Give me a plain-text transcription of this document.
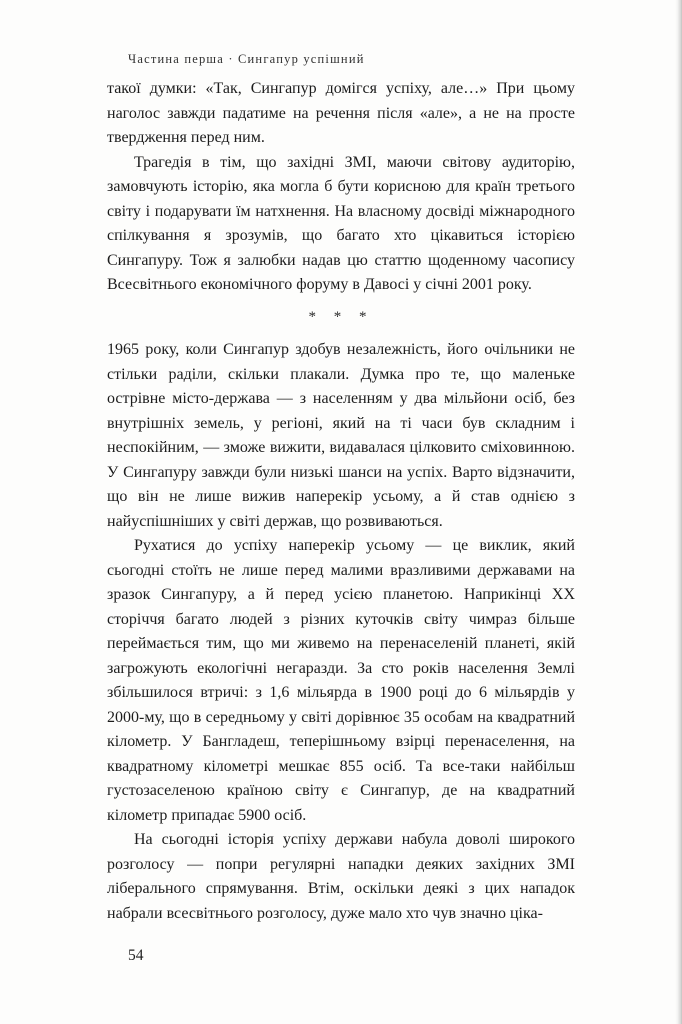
Частина перша · Сингапур успішний

такої думки: «Так, Сингапур домігся успіху, але…» При цьому наголос завжди падатиме на речення після «але», а не на просте твердження перед ним.

Трагедія в тім, що західні ЗМІ, маючи світову аудиторію, замовчують історію, яка могла б бути корисною для країн третього світу і подарувати їм натхнення. На власному досвіді міжнародного спілкування я зрозумів, що багато хто цікавиться історією Сингапуру. Тож я залюбки надав цю статтю щоденному часопису Всесвітнього економічного форуму в Давосі у січні 2001 року.

* * *

1965 року, коли Сингапур здобув незалежність, його очільники не стільки раділи, скільки плакали. Думка про те, що маленьке острівне місто-держава — з населенням у два мільйони осіб, без внутрішніх земель, у регіоні, який на ті часи був складним і неспокійним, — зможе вижити, видавалася цілковито сміховинною. У Сингапуру завжди були низькі шанси на успіх. Варто відзначити, що він не лише вижив наперекір усьому, а й став однією з найуспішніших у світі держав, що розвиваються.

Рухатися до успіху наперекір усьому — це виклик, який сьогодні стоїть не лише перед малими вразливими державами на зразок Сингапуру, а й перед усією планетою. Наприкінці XX сторіччя багато людей з різних куточків світу чимраз більше переймається тим, що ми живемо на перенаселеній планеті, якій загрожують екологічні негаразди. За сто років населення Землі збільшилося втричі: з 1,6 мільярда в 1900 році до 6 мільярдів у 2000-му, що в середньому у світі дорівнює 35 особам на квадратний кілометр. У Бангладеш, теперішньому взірці перенаселення, на квадратному кілометрі мешкає 855 осіб. Та все-таки найбільш густозаселеною країною світу є Сингапур, де на квадратний кілометр припадає 5900 осіб.

На сьогодні історія успіху держави набула доволі широкого розголосу — попри регулярні нападки деяких західних ЗМІ ліберального спрямування. Втім, оскільки деякі з цих нападок набрали всесвітнього розголосу, дуже мало хто чув значно ціка-

54
